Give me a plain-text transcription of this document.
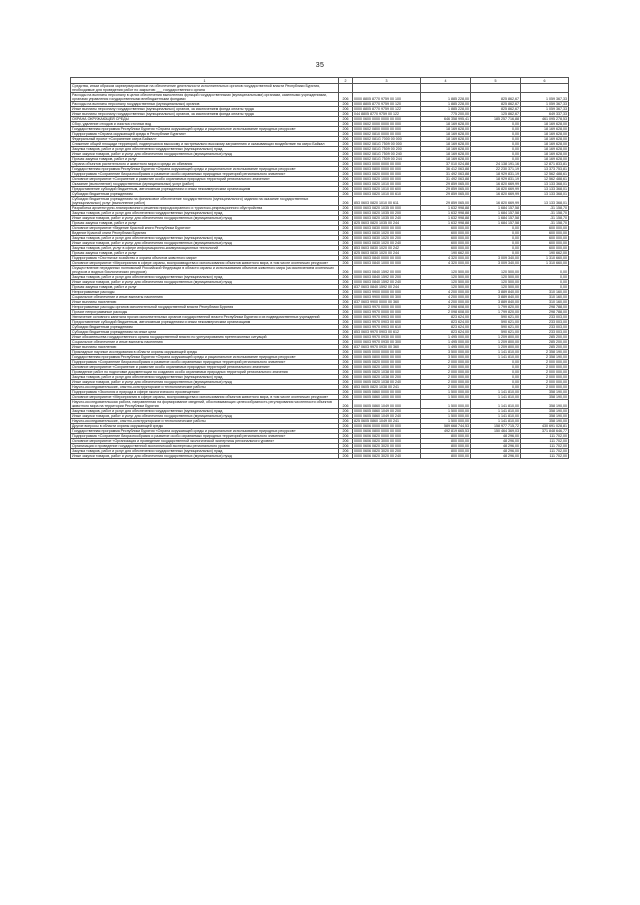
35
1	2	3	4	5	6
Средства, иным образом зарезервированные на обеспечение деятельности исполнительных органов государственной власти Республики Бурятия, необходимые для проведения работ по закрытию ___ государственного органа					
Расходы на выплаты персоналу в целях обеспечения выполнения функций государственными (муниципальными) органами, казенными учреждениями, органами управления государственными внебюджетными фондами	206	0000 8805 8770 9759 00 100	1 885 228,00	825 862,67	1 059 367,33
Расходы на выплаты персоналу государственных (муниципальных) органов	206	0000 8805 8770 9759 00 120	1 885 228,00	825 862,67	1 059 367,33
Иные выплаты персоналу государственных (муниципальных) органов, за исключением фонда оплаты труда	206	0000 8805 8770 9759 00 122	1 885 228,00	825 862,67	1 059 367,33
Иные выплаты персоналу государственных (муниципальных) органов, за исключением фонда оплаты труда	206	044 8805 8770 9759 00 122	775 200,00	125 862,67	649 337,33
ОХРАНА ОКРУЖАЮЩЕЙ СРЕДЫ	206	0000 0600 0000 0000 00 000	646 358 995,41	185 257 716,88	461 095 278,53
Сбор, удаление отходов и очистка сточных вод	206	0000 0602 0000 0000 00 000	18 169 628,00	0,00	18 169 628,00
Государственная программа Республики Бурятия «Охрана окружающей среды и рациональное использование природных ресурсов»	206	0000 0602 0800 0000 00 000	18 169 628,00	0,00	18 169 628,00
Подпрограмма «Охрана окружающей среды в Республике Бурятия»	206	0000 0602 0810 0000 00 000	18 169 628,00	0,00	18 169 628,00
Федеральный проект «Сохранение озера Байкал»	206	0000 0602 081G 7000 00 000	18 169 628,00	0,00	18 169 628,00
Снижение общей площади территорий, подвергшихся высокому и экстремально высокому загрязнению и оказывающих воздействие на озеро Байкал	206	0000 0602 081G 7509 00 000	18 169 628,00	0,00	18 169 628,00
Закупка товаров, работ и услуг для обеспечения государственных (муниципальных) нужд	206	0000 0602 081G 7509 00 200	18 169 628,00	0,00	18 169 628,00
Иные закупки товаров, работ и услуг для обеспечения государственных (муниципальных) нужд	206	0000 0602 081G 7509 00 240	18 169 628,00	0,00	18 169 628,00
Прочая закупка товаров, работ и услуг	206	0000 0602 081G 7509 00 244	18 169 628,00	0,00	18 169 628,00
Охрана объектов растительного и животного мира и среды их обитания	206	0000 0603 0000 0000 00 000	37 010 024,88	24 138 191,16	12 871 833,81
Государственная программа Республики Бурятия «Охрана окружающей среды и рациональное использование природных ресурсов»	206	0000 0603 0800 0000 00 000	36 412 063,88	22 230 371,19	13 373 753,81
Подпрограмма «Сохранение биоразнообразия и развитие особо охраняемых природных территорий регионального значения»	206	0000 0603 0820 0000 00 000	31 492 063,88	18 929 831,19	12 562 488,61
Основное мероприятие «Сохранение и развитие особо охраняемых природных территорий регионального значения»	206	0000 0603 0820 1000 00 000	31 492 063,88	18 929 831,19	12 562 488,61
Оказание (выполнение) государственных (муниципальных) услуг (работ)	206	0000 0603 0820 1010 00 000	29 859 065,00	16 820 669,99	13 133 368,01
Предоставление субсидий бюджетным, автономным учреждениям и иным некоммерческим организациям	206	0000 0603 0820 1010 00 600	29 859 065,00	16 820 669,99	13 133 368,01
Субсидии бюджетным учреждениям	206	0000 0603 0820 1010 00 610	29 859 065,00	16 820 669,99	13 133 368,01
Субсидии бюджетным учреждениям на финансовое обеспечение государственного (муниципального) задания на оказание государственных (муниципальных) услуг (выполнение работ)	206	853 0603 0820 1010 00 611	29 859 065,00	16 820 669,99	13 133 368,01
Разработка архитектурно-планировочного решения природоохранного и туристско-рекреационного обустройства	206	0000 0603 0820 1035 00 000	1 632 998,88	1 684 157,58	-31 158,70
Закупка товаров, работ и услуг для обеспечения государственных (муниципальных) нужд	206	0000 0603 0820 1035 00 200	1 632 998,88	1 684 157,58	-31 158,70
Иные закупки товаров, работ и услуг для обеспечения государственных (муниципальных) нужд	206	0000 0603 0820 1035 00 240	1 632 998,88	1 684 157,58	-31 158,70
Прочая закупка товаров, работ и услуг	206	825 0603 0820 1035 00 244	1 632 998,88	1 684 157,58	-31 158,70
Основное мероприятие «Ведение Красной книги Республики Бурятия»	206	0000 0603 0830 0000 00 000	600 000,00	0,00	600 000,00
Ведение Красной книги Республики Бурятия	206	0000 0603 0830 1020 00 000	600 000,00	0,00	600 000,00
Закупка товаров, работ и услуг для обеспечения государственных (муниципальных) нужд	206	0000 0603 0830 1020 00 200	600 000,00	0,00	600 000,00
Иные закупки товаров, работ и услуг для обеспечения государственных (муниципальных) нужд	206	0000 0603 0830 1020 00 240	600 000,00	0,00	600 000,00
Закупка товаров, работ, услуг в сфере информационно-коммуникационных технологий	206	853 0603 0830 1020 00 242	600 000,00	0,00	600 000,00
Прочая закупка товаров, работ и услуг	206	825 0603 0830 1020 00 244	190 662,00	0,00	190 662,00
Подпрограмма «Охотничье хозяйство и охрана объектов животного мира»	206	0000 0603 0840 0000 00 000	4 320 000,00	3 009 340,00	1 310 660,00
Основное мероприятие «Мероприятия в сфере охраны, воспроизводства и использования объектов животного мира, в том числе охотничьих ресурсов»	206	0000 0603 0840 1000 00 000	4 320 000,00	3 009 340,00	1 310 660,00
Осуществление переданных полномочий Российской Федерации в области охраны и использования объектов животного мира (за исключением охотничьих ресурсов и водных биологических ресурсов)	206	0000 0603 0840 1592 00 000	120 500,00	120 500,00	0,00
Закупка товаров, работ и услуг для обеспечения государственных (муниципальных) нужд	206	0000 0603 0840 1592 00 200	120 500,00	120 500,00	0,00
Иные закупки товаров, работ и услуг для обеспечения государственных (муниципальных) нужд	206	0000 0603 0840 1592 00 240	120 500,00	120 500,00	0,00
Прочая закупка товаров, работ и услуг	206	837 0603 0840 1592 00 244	120 500,00	120 500,00	0,00
Непрограммные расходы	206	0000 0603 9900 0000 00 000	4 200 000,00	3 889 840,00	310 160,00
Социальное обеспечение и иные выплаты населению	206	0000 0603 9900 0000 00 300	4 200 000,00	3 889 840,00	310 160,00
Иные выплаты населению	206	837 0603 9900 0000 00 360	4 200 000,00	3 889 840,00	310 160,00
Непрограммные расходы органов исполнительной государственной власти Республики Бурятия	206	0000 0603 9970 0000 00 000	2 098 608,00	1 799 820,00	298 788,00
Прочие непрограммные расходы	206	0000 0603 9970 0000 00 000	2 098 608,00	1 799 820,00	298 788,00
Увеличение основного капитала прочих исполнительных органов государственной власти Республики Бурятия и их подведомственных учреждений	206	0000 0603 9970 0903 00 000	823 624,00	590 621,00	233 003,00
Предоставление субсидий бюджетным, автономным учреждениям и иным некоммерческим организациям	206	0000 0603 9970 0903 00 600	823 624,00	590 621,00	233 003,00
Субсидии бюджетным учреждениям	206	0000 0603 9970 0903 00 610	823 624,00	590 621,00	233 003,00
Субсидии бюджетным учреждениям на иные цели	206	853 0603 9970 0903 00 612	823 624,00	590 621,00	233 003,00
Иные обязательства государственного органа государственной власти по урегулированию претензионных ситуаций	206	0000 0603 9970 0930 00 000	1 495 000,00	1 209 800,00	285 200,00
Социальное обеспечение и иные выплаты населению	206	0000 0603 9970 0930 00 300	1 495 000,00	1 209 800,00	285 200,00
Иные выплаты населению	206	837 0603 9970 0930 00 360	1 495 000,00	1 209 800,00	285 200,00
Прикладные научные исследования в области охраны окружающей среды	206	0000 0605 0000 0000 00 000	3 500 000,00	1 141 810,00	2 358 190,00
Государственная программа Республики Бурятия «Охрана окружающей среды и рациональное использование природных ресурсов»	206	0000 0605 0800 0000 00 000	3 500 000,00	1 141 810,00	2 358 190,00
Подпрограмма «Сохранение биоразнообразия и развитие особо охраняемых природных территорий регионального значения»	206	0000 0605 0820 0000 00 000	2 000 000,00	0,00	2 000 000,00
Основное мероприятие «Сохранение и развитие особо охраняемых природных территорий регионального значения»	206	0000 0605 0820 1000 00 000	2 000 000,00	0,00	2 000 000,00
Проведение работ по подготовке документации по созданию особо охраняемых природных территорий регионального значения	206	0000 0605 0820 1038 00 000	2 000 000,00	0,00	2 000 000,00
Закупка товаров, работ и услуг для обеспечения государственных (муниципальных) нужд	206	0000 0605 0820 1038 00 200	2 000 000,00	0,00	2 000 000,00
Иные закупки товаров, работ и услуг для обеспечения государственных (муниципальных) нужд	206	0000 0605 0820 1038 00 240	2 000 000,00	0,00	2 000 000,00
Научно-исследовательские, опытно-конструкторские и технологические работы	206	853 0605 0820 1038 00 241	2 000 000,00	0,00	2 000 000,00
Подпрограмма «Экология и природа в сфере экологического просвещения»	206	0000 0605 0860 0000 00 000	1 500 000,00	1 141 810,00	358 190,00
Основное мероприятие «Мероприятия в сфере охраны, воспроизводства и использования объектов животного мира, в том числе охотничьих ресурсов»	206	0000 0605 0860 1000 00 000	1 500 000,00	1 141 810,00	358 190,00
Научно-исследовательская работа, направленная на формирование сведений, обосновывающих целесообразность регулирования численности объектов животного мира на территории Республики Бурятия	206	0000 0605 0860 1049 00 000	1 500 000,00	1 141 810,00	358 190,00
Закупка товаров, работ и услуг для обеспечения государственных (муниципальных) нужд	206	0000 0605 0860 1049 00 200	1 500 000,00	1 141 810,00	358 190,00
Иные закупки товаров, работ и услуг для обеспечения государственных (муниципальных) нужд	206	0000 0605 0860 1049 00 240	1 500 000,00	1 141 810,00	358 190,00
Научно-исследовательские, опытно-конструкторские и технологические работы	206	825 0605 0860 1049 00 241	1 500 000,00	1 141 810,00	358 190,00
Другие вопросы в области охраны окружающей среды	206	0000 0606 0000 0000 00 000	589 668 744,53	158 977 715,72	430 691 028,81
Государственная программа Республики Бурятия «Охрана окружающей среды и рациональное использование природных ресурсов»	206	0000 0606 0800 0000 00 000	492 819 665,53	150 464 369,03	371 848 646,77
Подпрограмма «Сохранение биоразнообразия и развитие особо охраняемых природных территорий регионального значения»	206	0000 0606 0820 0000 00 000	800 000,00	48 296,00	111 702,00
Основное мероприятие «Организация и проведение государственной экологической экспертизы регионального уровня»	206	0000 0606 0820 3000 00 000	800 000,00	48 296,00	111 702,00
Организация и проведение государственной экологической экспертизы регионального уровня	206	0000 0606 0820 3020 00 000	800 000,00	48 296,00	111 702,00
Закупка товаров, работ и услуг для обеспечения государственных (муниципальных) нужд	206	0000 0606 0820 3020 00 200	800 000,00	48 296,00	111 702,00
Иные закупки товаров, работ и услуг для обеспечения государственных (муниципальных) нужд	206	0000 0606 0820 3020 00 240	800 000,00	48 296,00	111 702,00
